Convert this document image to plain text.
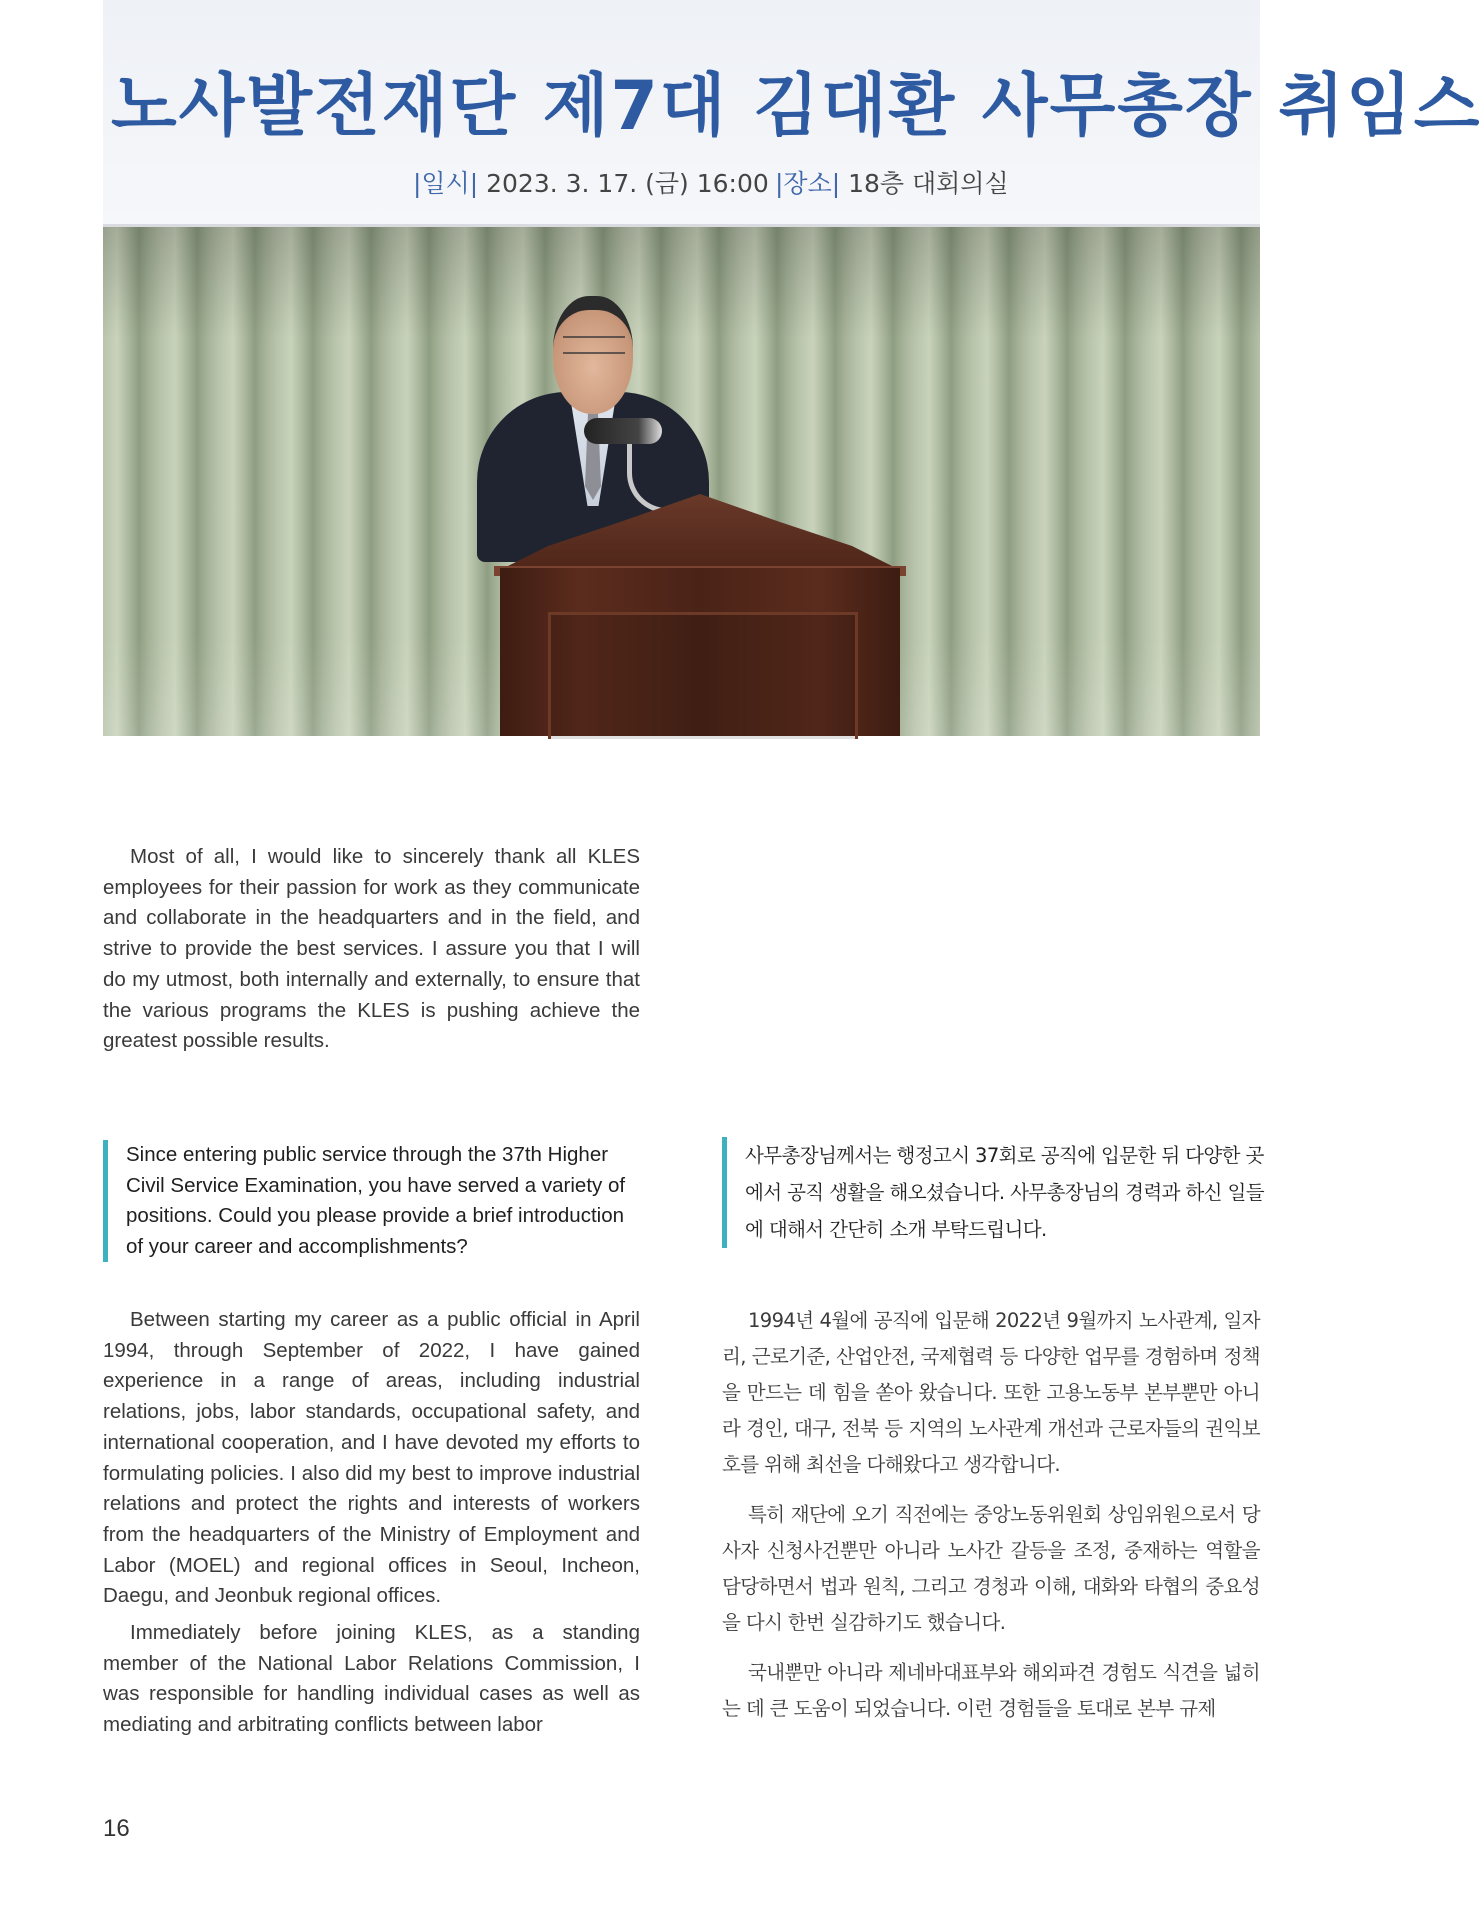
노사발전재단 제7대 김대환 사무총장 취임스
|일시| 2023. 3. 17. (금) 16:00 |장소| 18층 대회의실

Most of all, I would like to sincerely thank all KLES employees for their passion for work as they communicate and collaborate in the headquarters and in the field, and strive to provide the best services. I assure you that I will do my utmost, both internally and externally, to ensure that the various programs the KLES is pushing achieve the greatest possible results.

Since entering public service through the 37th Higher Civil Service Examination, you have served a variety of positions. Could you please provide a brief introduction of your career and accomplishments?

사무총장님께서는 행정고시 37회로 공직에 입문한 뒤 다양한 곳에서 공직 생활을 해오셨습니다. 사무총장님의 경력과 하신 일들에 대해서 간단히 소개 부탁드립니다.

Between starting my career as a public official in April 1994, through September of 2022, I have gained experience in a range of areas, including industrial relations, jobs, labor standards, occupational safety, and international cooperation, and I have devoted my efforts to formulating policies. I also did my best to improve industrial relations and protect the rights and interests of workers from the headquarters of the Ministry of Employment and Labor (MOEL) and regional offices in Seoul, Incheon, Daegu, and Jeonbuk regional offices.

Immediately before joining KLES, as a standing member of the National Labor Relations Commission, I was responsible for handling individual cases as well as mediating and arbitrating conflicts between labor

1994년 4월에 공직에 입문해 2022년 9월까지 노사관계, 일자리, 근로기준, 산업안전, 국제협력 등 다양한 업무를 경험하며 정책을 만드는 데 힘을 쏟아 왔습니다. 또한 고용노동부 본부뿐만 아니라 경인, 대구, 전북 등 지역의 노사관계 개선과 근로자들의 권익보호를 위해 최선을 다해왔다고 생각합니다.

특히 재단에 오기 직전에는 중앙노동위원회 상임위원으로서 당사자 신청사건뿐만 아니라 노사간 갈등을 조정, 중재하는 역할을 담당하면서 법과 원칙, 그리고 경청과 이해, 대화와 타협의 중요성을 다시 한번 실감하기도 했습니다.

국내뿐만 아니라 제네바대표부와 해외파견 경험도 식견을 넓히는 데 큰 도움이 되었습니다. 이런 경험들을 토대로 본부 규제

16
